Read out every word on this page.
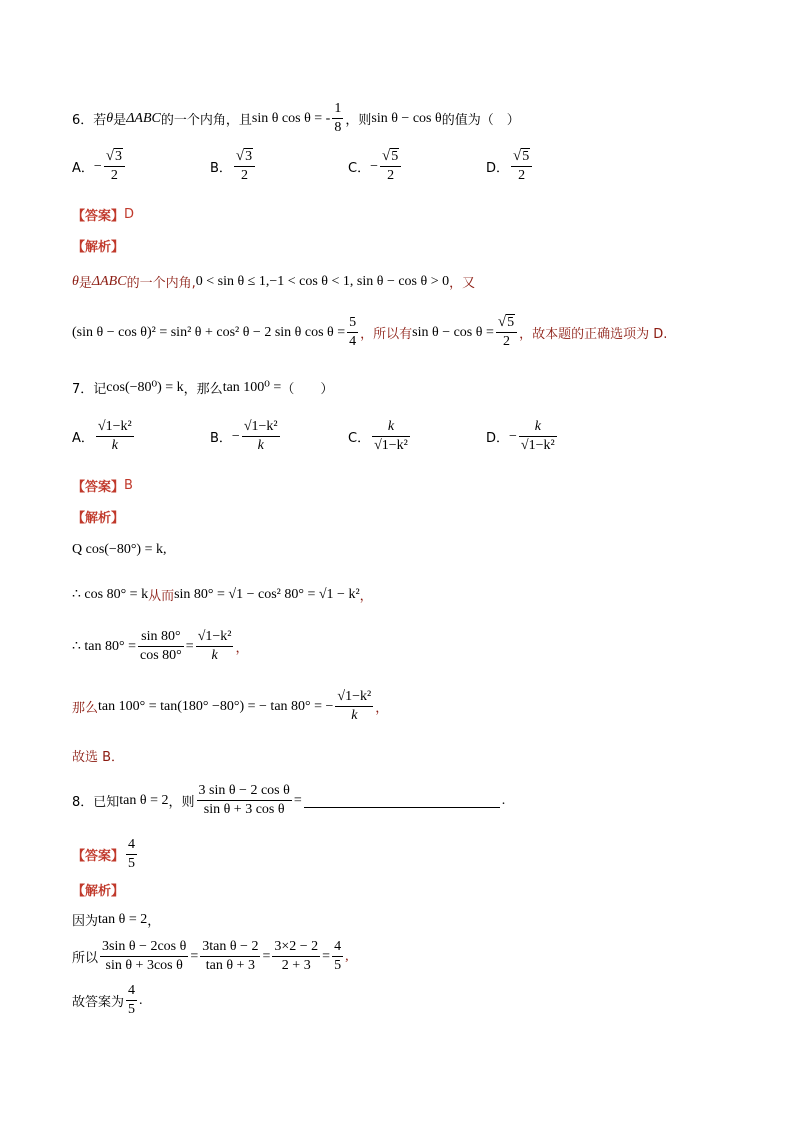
6．若 θ 是 ΔABC 的一个内角，且 sin θ cos θ = - $\frac{1}{8}$ ，则 sin θ − cos θ 的值为（　）
A． − $\frac{√ 3}{2}$	B． $\frac{√ 3}{2}$	C． − $\frac{√ 5}{2}$	D． $\frac{√ 5}{2}$
【答案】 D
【解析】
θ 是 ΔABC 的一个内角, 0 < sin θ ≤ 1,−1 < cos θ < 1, sin θ − cos θ > 0 ，又
(sin θ − cos θ)² = sin² θ + cos² θ − 2 sin θ $\cos \theta = \frac{5}{4}$ ，所以有 $\sin \theta - \cos \theta = \frac{√ 5}{2}$ ，故本题的正确选项为 D.
7．记 cos(−80⁰) = k ，那么 tan 100⁰ = （　　）
A． $\frac{\text{√1−k²}}{k}$	B． − $\frac{\text{√1−k²}}{k}$	C． $\frac{k}{\text{√1−k²}}$	D． − $\frac{k}{\text{√1−k²}}$
【答案】 B
【解析】
Q cos(−80°) = k,
∴ cos 80° = k 从而 sin 80° = √1 − cos² 80° = √1 − k² ，
∴ $\tan 80^\circ = \frac{\sin 80^\circ}{\cos 80^\circ} = \frac{\text{√1−k²}}{k}$ ，
那么 tan 100° = tan(180° −80°) = − tan 80° = − $\frac{\text{√1−k²}}{k}$ ，
故选 B．
8．已知 tan θ = 2 ，则 $\frac{\text{3 sin θ − 2 cos θ}}{\text{sin θ + 3 cos θ}}$ =	.
【答案】 $\frac{4}{5}$
【解析】
因为 tan θ = 2 ，
所以 $\frac{\text{3sin θ − 2cos θ}}{\text{sin θ + 3cos θ}} = \frac{\text{3tan θ − 2}}{\text{tan θ + 3}} = \frac{3\times 2 - 2}{2 + 3} = \frac{4}{5}$ ,
故答案为 $\frac{4}{5}$ .
